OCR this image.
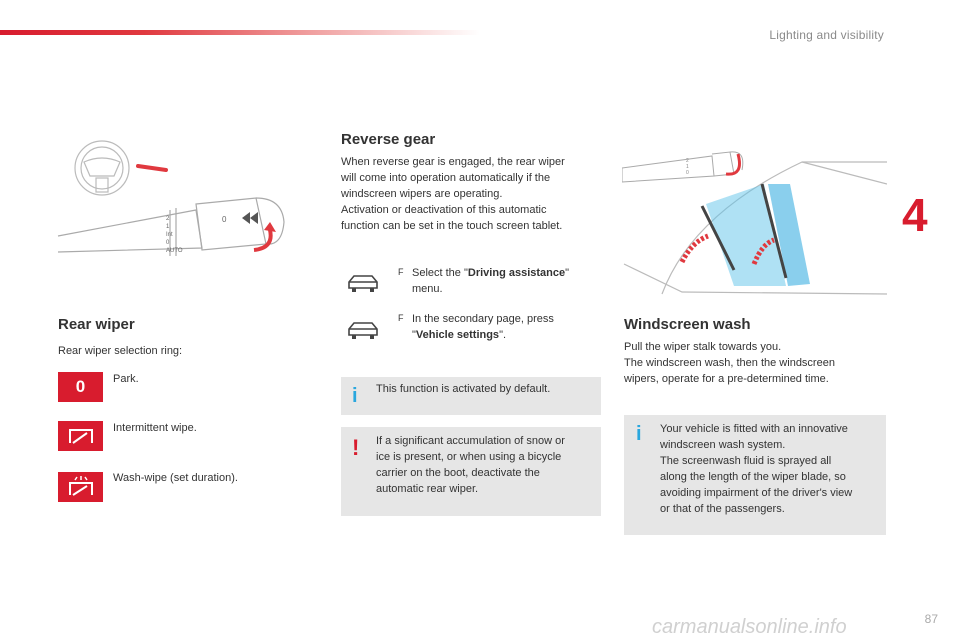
Lighting and visibility
4
2
1
Int
0
AUTO
0
Rear wiper

Rear wiper selection ring:

0	Park.

Intermittent wipe.

Wash-wipe (set duration).

Reverse gear

When reverse gear is engaged, the rear wiper

will come into operation automatically if the

windscreen wipers are operating.

Activation or deactivation of this automatic

function can be set in the touch screen tablet.

F Select the "Driving assistance"

menu.

F In the secondary page, press

"Vehicle settings".

i This function is activated by default.

! If a significant accumulation of snow or

ice is present, or when using a bicycle

carrier on the boot, deactivate the

automatic rear wiper.

2
1
0
Windscreen wash

Pull the wiper stalk towards you.

The windscreen wash, then the windscreen

wipers, operate for a pre-determined time.

i Your vehicle is fitted with an innovative

windscreen wash system.

The screenwash fluid is sprayed all

along the length of the wiper blade, so

avoiding impairment of the driver's view

or that of the passengers.

carmanualsonline.info	87
